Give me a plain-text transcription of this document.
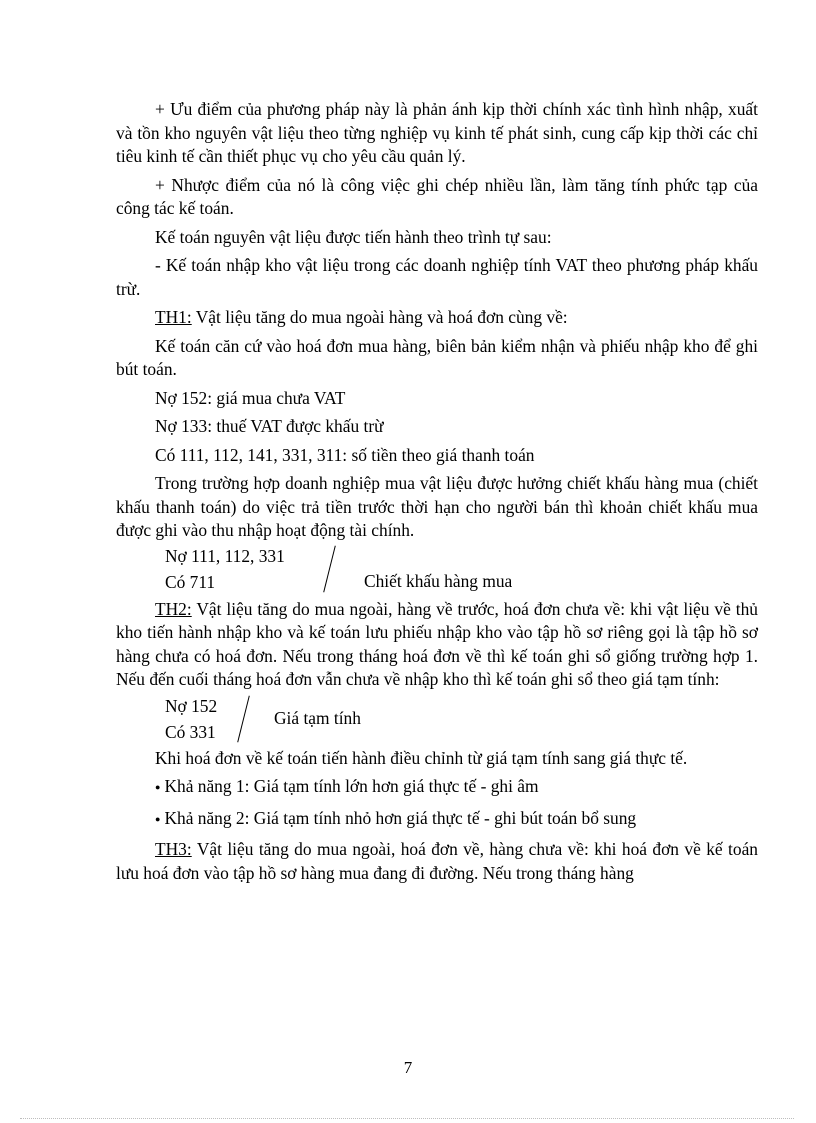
+ Ưu điểm của phương pháp này là phản ánh kịp thời chính xác tình hình nhập, xuất và tồn kho nguyên vật liệu theo từng nghiệp vụ kinh tế phát sinh, cung cấp kịp thời các chỉ tiêu kinh tế cần thiết phục vụ cho yêu cầu quản lý.

+ Nhược điểm của nó là công việc ghi chép nhiều lần, làm tăng tính phức tạp của công tác kế toán.

Kế toán nguyên vật liệu được tiến hành theo trình tự sau:

- Kế toán nhập kho vật liệu trong các doanh nghiệp tính VAT theo phương pháp khấu trừ.

TH1: Vật liệu tăng do mua ngoài hàng và hoá đơn cùng về:

Kế toán căn cứ vào hoá đơn mua hàng, biên bản kiểm nhận và phiếu nhập kho để ghi bút toán.

Nợ 152: giá mua chưa VAT

Nợ 133: thuế VAT được khấu trừ

Có 111, 112, 141, 331, 311: số tiền theo giá thanh toán

Trong trường hợp doanh nghiệp mua vật liệu được hưởng chiết khấu hàng mua (chiết khấu thanh toán) do việc trả tiền trước thời hạn cho người bán thì khoản chiết khấu mua được ghi vào thu nhập hoạt động tài chính.

Nợ 111, 112, 331
Có 711	Chiết khấu hàng mua

TH2: Vật liệu tăng do mua ngoài, hàng về trước, hoá đơn chưa về: khi vật liệu về thủ kho tiến hành nhập kho và kế toán lưu phiếu nhập kho vào tập hồ sơ riêng gọi là tập hồ sơ hàng chưa có hoá đơn. Nếu trong tháng hoá đơn về thì kế toán ghi sổ giống trường hợp 1. Nếu đến cuối tháng hoá đơn vẫn chưa về nhập kho thì kế toán ghi sổ theo giá tạm tính:

Nợ 152
Có 331
Giá tạm tính

Khi hoá đơn về kế toán tiến hành điều chỉnh từ giá tạm tính sang giá thực tế.

● Khả năng 1: Giá tạm tính lớn hơn giá thực tế - ghi âm

● Khả năng 2: Giá tạm tính nhỏ hơn giá thực tế - ghi bút toán bổ sung

TH3: Vật liệu tăng do mua ngoài, hoá đơn về, hàng chưa về: khi hoá đơn về kế toán lưu hoá đơn vào tập hồ sơ hàng mua đang đi đường. Nếu trong tháng hàng

7
